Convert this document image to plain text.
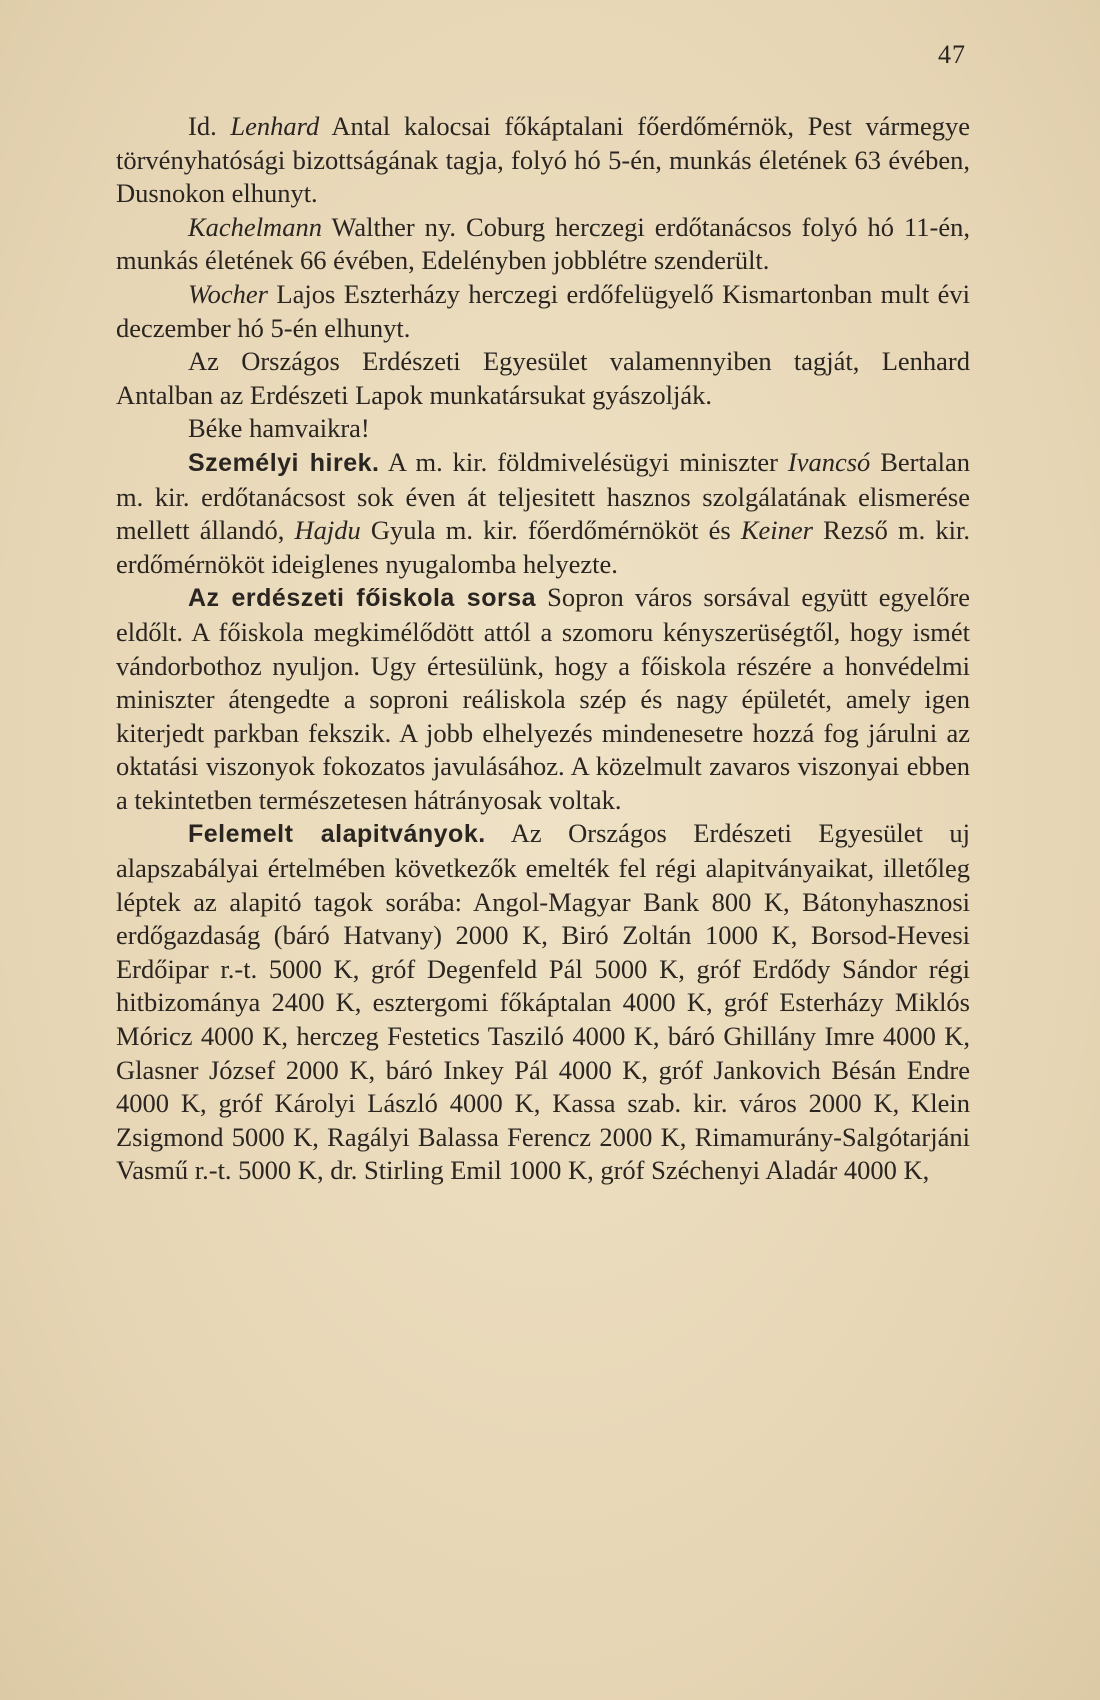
47

Id. Lenhard Antal kalocsai főkáptalani főerdőmérnök, Pest vármegye törvényhatósági bizottságának tagja, folyó hó 5-én, munkás életének 63 évében, Dusnokon elhunyt.

Kachelmann Walther ny. Coburg herczegi erdőtanácsos folyó hó 11-én, munkás életének 66 évében, Edelényben jobblétre szenderült.

Wocher Lajos Eszterházy herczegi erdőfelügyelő Kismartonban mult évi deczember hó 5-én elhunyt.

Az Országos Erdészeti Egyesület valamennyiben tagját, Lenhard Antalban az Erdészeti Lapok munkatársukat gyászolják.

Béke hamvaikra!

Személyi hirek. A m. kir. földmivelésügyi miniszter Ivancsó Bertalan m. kir. erdőtanácsost sok éven át teljesitett hasznos szolgálatának elismerése mellett állandó, Hajdu Gyula m. kir. főerdőmérnököt és Keiner Rezső m. kir. erdőmérnököt ideiglenes nyugalomba helyezte.

Az erdészeti főiskola sorsa Sopron város sorsával együtt egyelőre eldőlt. A főiskola megkimélődött attól a szomoru kényszerüségtől, hogy ismét vándorbothoz nyuljon. Ugy értesülünk, hogy a főiskola részére a honvédelmi miniszter átengedte a soproni reáliskola szép és nagy épületét, amely igen kiterjedt parkban fekszik. A jobb elhelyezés mindenesetre hozzá fog járulni az oktatási viszonyok fokozatos javulásához. A közelmult zavaros viszonyai ebben a tekintetben természetesen hátrányosak voltak.

Felemelt alapitványok. Az Országos Erdészeti Egyesület uj alapszabályai értelmében következők emelték fel régi alapitványaikat, illetőleg léptek az alapitó tagok sorába: Angol-Magyar Bank 800 K, Bátonyhasznosi erdőgazdaság (báró Hatvany) 2000 K, Biró Zoltán 1000 K, Borsod-Hevesi Erdőipar r.-t. 5000 K, gróf Degenfeld Pál 5000 K, gróf Erdődy Sándor régi hitbizománya 2400 K, esztergomi főkáptalan 4000 K, gróf Esterházy Miklós Móricz 4000 K, herczeg Festetics Tasziló 4000 K, báró Ghillány Imre 4000 K, Glasner József 2000 K, báró Inkey Pál 4000 K, gróf Jankovich Bésán Endre 4000 K, gróf Károlyi László 4000 K, Kassa szab. kir. város 2000 K, Klein Zsigmond 5000 K, Ragályi Balassa Ferencz 2000 K, Rimamurány-Salgótarjáni Vasmű r.-t. 5000 K, dr. Stirling Emil 1000 K, gróf Széchenyi Aladár 4000 K,
